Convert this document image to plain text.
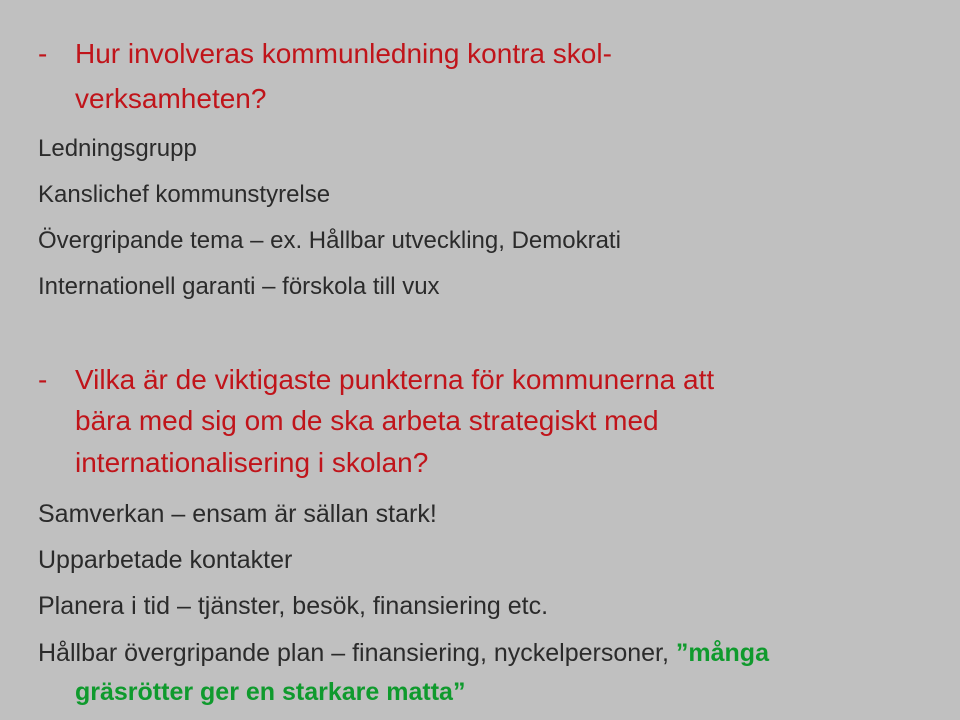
- Hur involveras kommunledning kontra skol-
verksamheten?
Ledningsgrupp
Kanslichef kommunstyrelse
Övergripande tema – ex. Hållbar utveckling, Demokrati
Internationell garanti – förskola till vux
- Vilka är de viktigaste punkterna för kommunerna att
bära med sig om de ska arbeta strategiskt med
internationalisering i skolan?
Samverkan – ensam är sällan stark!
Upparbetade kontakter
Planera i tid – tjänster, besök, finansiering etc.
Hållbar övergripande plan – finansiering, nyckelpersoner, ”många
gräsrötter ger en starkare matta”
